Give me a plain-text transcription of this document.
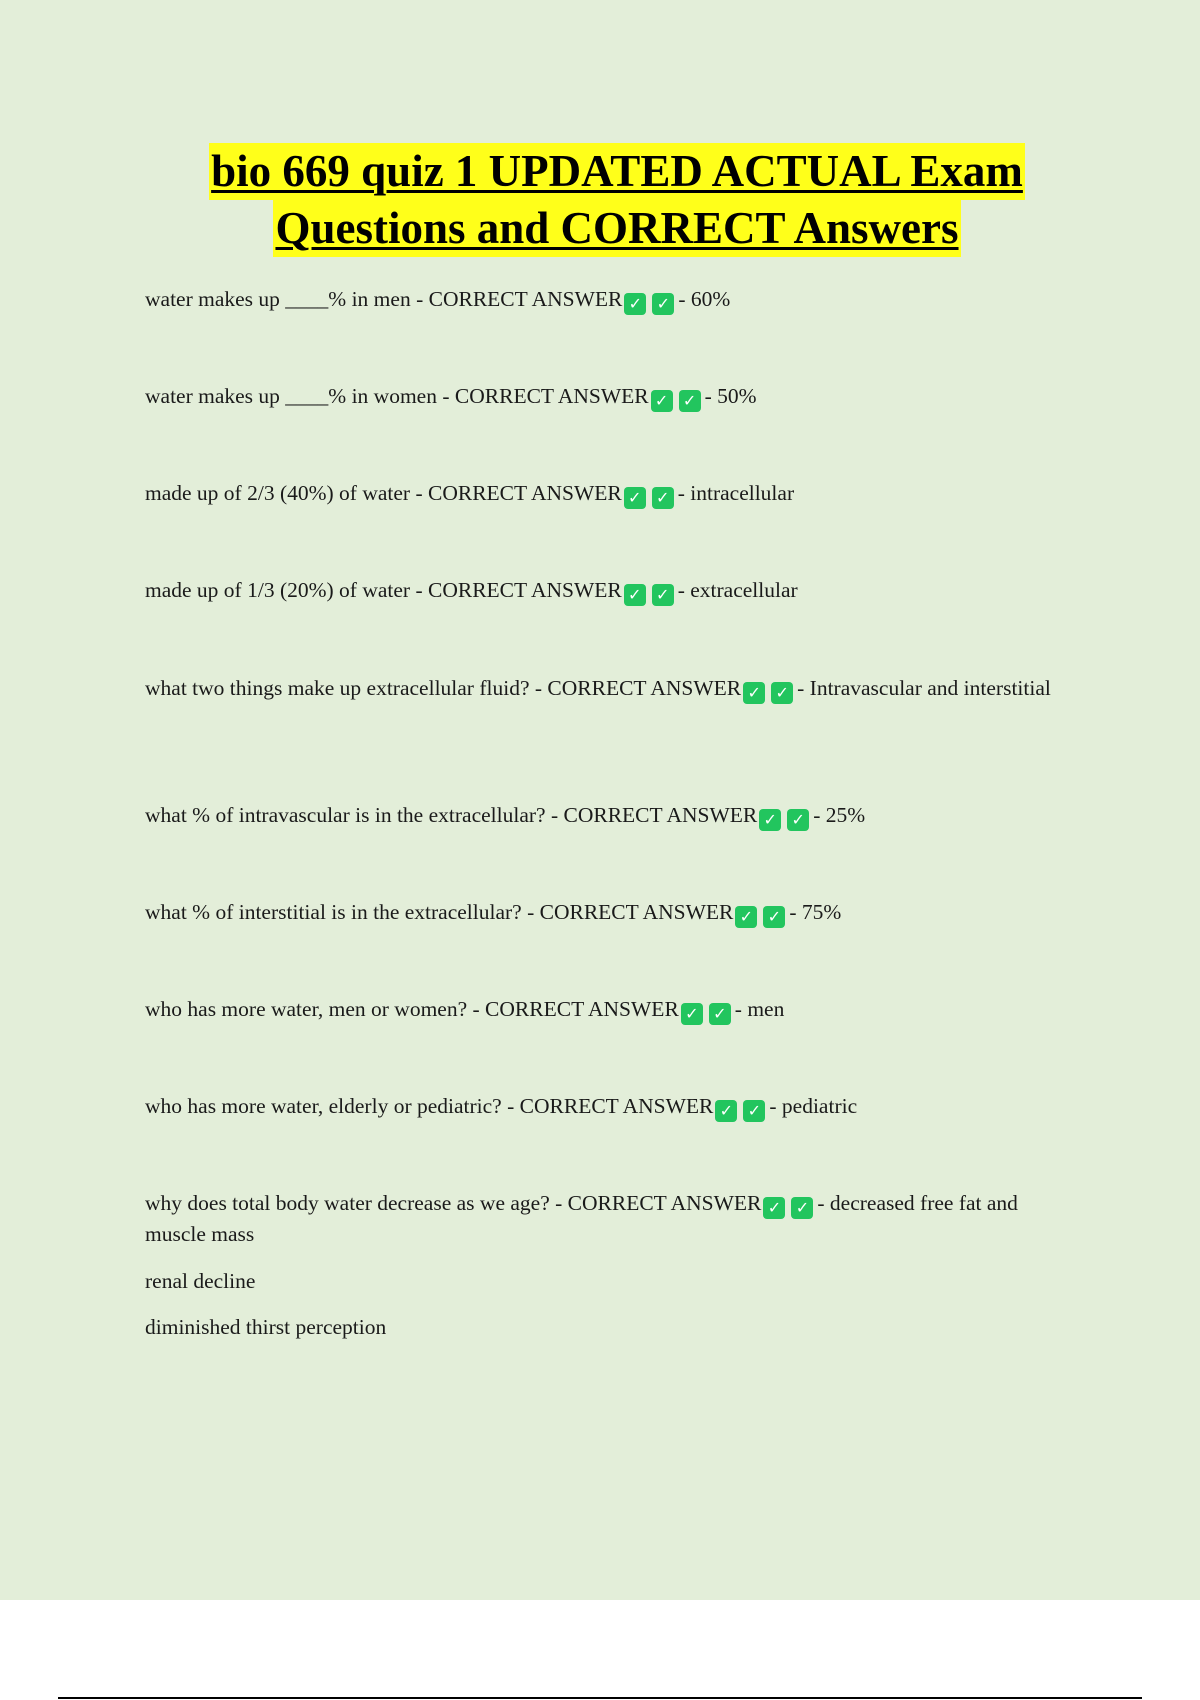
bio 669 quiz 1 UPDATED ACTUAL Exam
Questions and CORRECT Answers
water makes up ____% in men - CORRECT ANSWER ✓ ✓ - 60%
water makes up ____% in women - CORRECT ANSWER ✓ ✓ - 50%
made up of 2/3 (40%) of water - CORRECT ANSWER ✓ ✓ - intracellular
made up of 1/3 (20%) of water - CORRECT ANSWER ✓ ✓ - extracellular
what two things make up extracellular fluid? - CORRECT ANSWER ✓ ✓ - Intravascular and interstitial
what % of intravascular is in the extracellular? - CORRECT ANSWER ✓ ✓ - 25%
what % of interstitial is in the extracellular? - CORRECT ANSWER ✓ ✓ - 75%
who has more water, men or women? - CORRECT ANSWER ✓ ✓ - men
who has more water, elderly or pediatric? - CORRECT ANSWER ✓ ✓ - pediatric
why does total body water decrease as we age? - CORRECT ANSWER ✓ ✓ - decreased free fat and muscle mass
renal decline
diminished thirst perception
